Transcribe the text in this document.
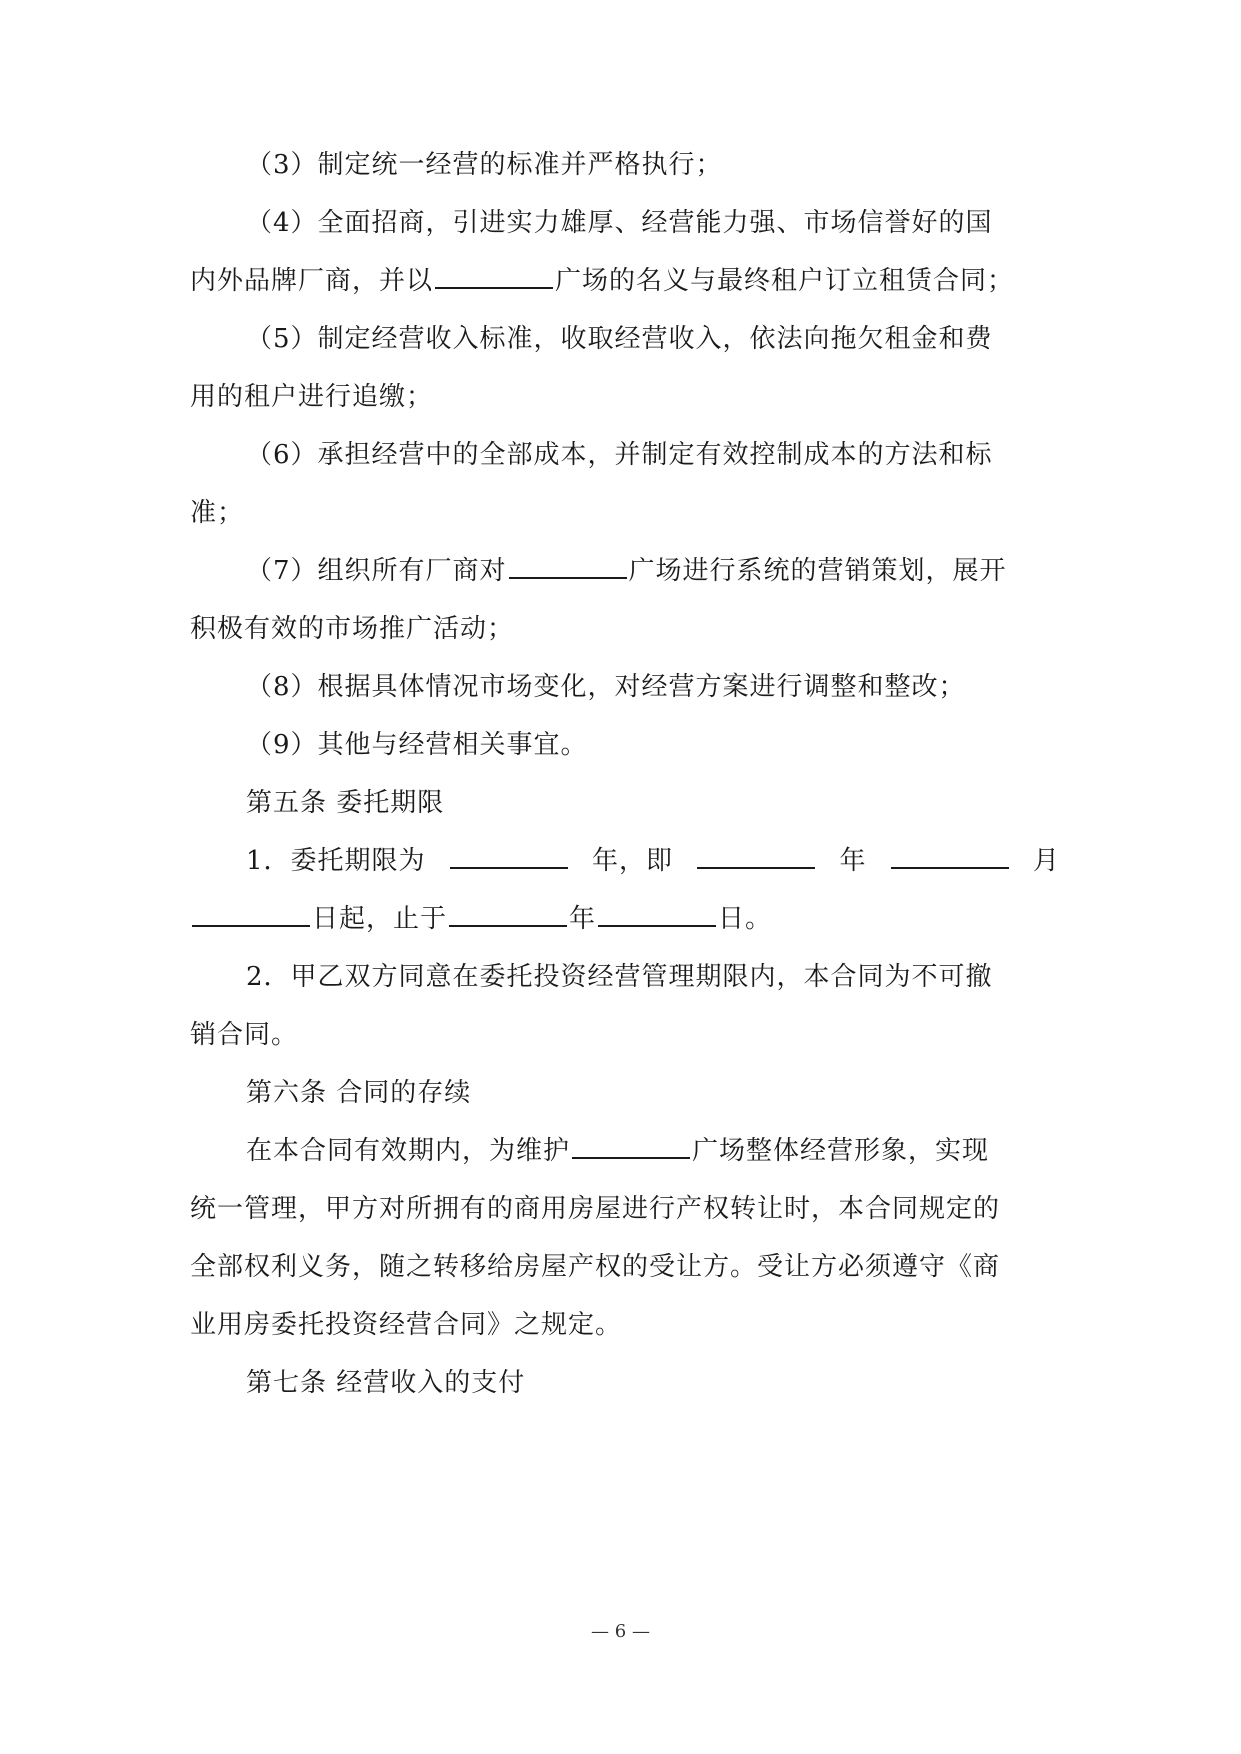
（3）制定统一经营的标准并严格执行；
（4）全面招商，引进实力雄厚、经营能力强、市场信誉好的国
内外品牌厂商，并以	广场的名义与最终租户订立租赁合同；
（5）制定经营收入标准，收取经营收入，依法向拖欠租金和费
用的租户进行追缴；
（6）承担经营中的全部成本，并制定有效控制成本的方法和标
准；
（7）组织所有厂商对	广场进行系统的营销策划，展开
积极有效的市场推广活动；
（8）根据具体情况市场变化，对经营方案进行调整和整改；
（9）其他与经营相关事宜。
第五条 委托期限
1．委托期限为	年，即	年	月
日起，止于	年	日。
2．甲乙双方同意在委托投资经营管理期限内，本合同为不可撤
销合同。
第六条 合同的存续
在本合同有效期内，为维护	广场整体经营形象，实现
统一管理，甲方对所拥有的商用房屋进行产权转让时，本合同规定的
全部权利义务，随之转移给房屋产权的受让方。受让方必须遵守《商
业用房委托投资经营合同》之规定。
第七条 经营收入的支付
— 6 —
